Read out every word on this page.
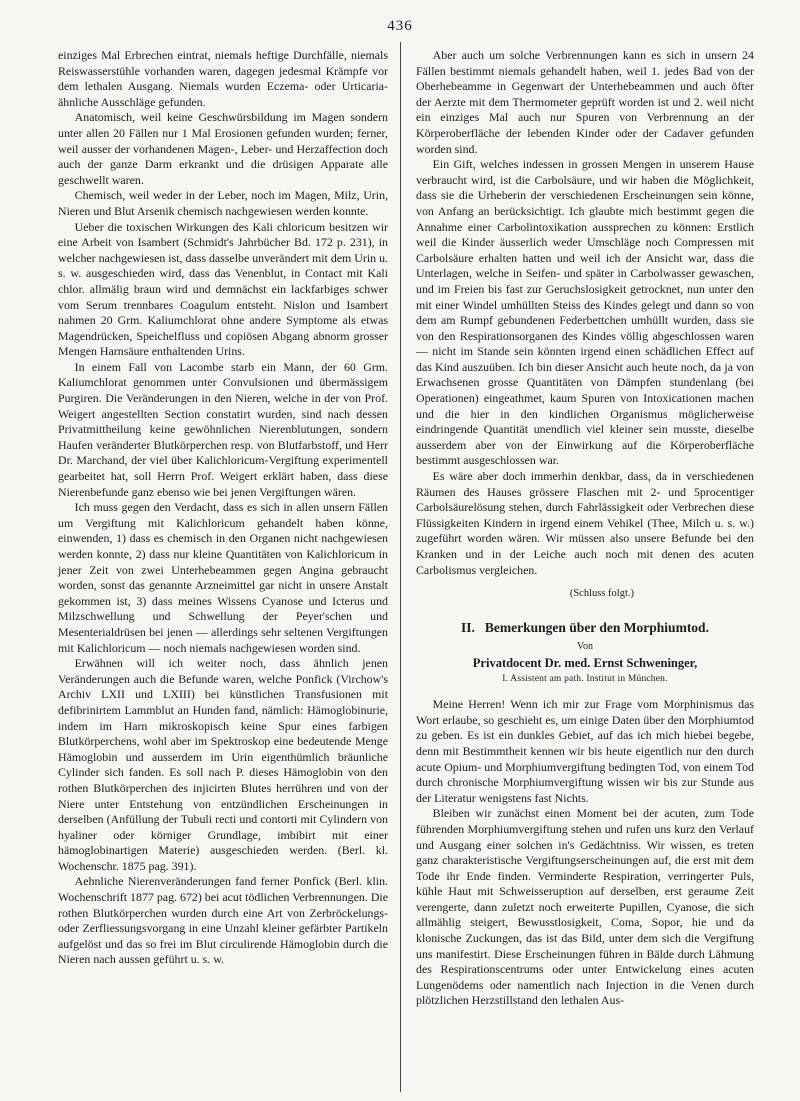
436

einziges Mal Erbrechen eintrat, niemals heftige Durchfälle, niemals Reiswasserstühle vorhanden waren, dagegen jedesmal Krämpfe vor dem lethalen Ausgang. Niemals wurden Eczema- oder Urticaria-ähnliche Ausschläge gefunden.

Anatomisch, weil keine Geschwürsbildung im Magen sondern unter allen 20 Fällen nur 1 Mal Erosionen gefunden wurden; ferner, weil ausser der vorhandenen Magen-, Leber- und Herzaffection doch auch der ganze Darm erkrankt und die drüsigen Apparate alle geschwellt waren.

Chemisch, weil weder in der Leber, noch im Magen, Milz, Urin, Nieren und Blut Arsenik chemisch nachgewiesen werden konnte.

Ueber die toxischen Wirkungen des Kali chloricum besitzen wir eine Arbeit von Isambert (Schmidt's Jahrbücher Bd. 172 p. 231), in welcher nachgewiesen ist, dass dasselbe unverändert mit dem Urin u. s. w. ausgeschieden wird, dass das Venenblut, in Contact mit Kali chlor. allmälig braun wird und demnächst ein lackfarbiges schwer vom Serum trennbares Coagulum entsteht. Nislon und Isambert nahmen 20 Grm. Kaliumchlorat ohne andere Symptome als etwas Magendrücken, Speichelfluss und copiösen Abgang abnorm grosser Mengen Harnsäure enthaltenden Urins.

In einem Fall von Lacombe starb ein Mann, der 60 Grm. Kaliumchlorat genommen unter Convulsionen und übermässigem Purgiren. Die Veränderungen in den Nieren, welche in der von Prof. Weigert angestellten Section constatirt wurden, sind nach dessen Privatmittheilung keine gewöhnlichen Nierenblutungen, sondern Haufen veränderter Blutkörperchen resp. von Blutfarbstoff, und Herr Dr. Marchand, der viel über Kalichloricum-Vergiftung experimentell gearbeitet hat, soll Herrn Prof. Weigert erklärt haben, dass diese Nierenbefunde ganz ebenso wie bei jenen Vergiftungen wären.

Ich muss gegen den Verdacht, dass es sich in allen unsern Fällen um Vergiftung mit Kalichloricum gehandelt haben könne, einwenden, 1) dass es chemisch in den Organen nicht nachgewiesen werden konnte, 2) dass nur kleine Quantitäten von Kalichloricum in jener Zeit von zwei Unterhebeammen gegen Angina gebraucht worden, sonst das genannte Arzneimittel gar nicht in unsere Anstalt gekommen ist, 3) dass meines Wissens Cyanose und Icterus und Milzschwellung und Schwellung der Peyer'schen und Mesenterialdrüsen bei jenen — allerdings sehr seltenen Vergiftungen mit Kalichloricum — noch niemals nachgewiesen worden sind.

Erwähnen will ich weiter noch, dass ähnlich jenen Veränderungen auch die Befunde waren, welche Ponfick (Virchow's Archiv LXII und LXIII) bei künstlichen Transfusionen mit defibrinirtem Lammblut an Hunden fand, nämlich: Hämoglobinurie, indem im Harn mikroskopisch keine Spur eines farbigen Blutkörperchens, wohl aber im Spektroskop eine bedeutende Menge Hämoglobin und ausserdem im Urin eigenthümlich bräunliche Cylinder sich fanden. Es soll nach P. dieses Hämoglobin von den rothen Blutkörperchen des injicirten Blutes herrühren und von der Niere unter Entstehung von entzündlichen Erscheinungen in derselben (Anfüllung der Tubuli recti und contorti mit Cylindern von hyaliner oder körniger Grundlage, imbibirt mit einer hämoglobinartigen Materie) ausgeschieden werden. (Berl. kl. Wochenschr. 1875 pag. 391).

Aehnliche Nierenveränderungen fand ferner Ponfick (Berl. klin. Wochenschrift 1877 pag. 672) bei acut tödlichen Verbrennungen. Die rothen Blutkörperchen wurden durch eine Art von Zerbröckelungs- oder Zerfliessungsvorgang in eine Unzahl kleiner gefärbter Partikeln aufgelöst und das so frei im Blut circulirende Hämoglobin durch die Nieren nach aussen geführt u. s. w.

Aber auch um solche Verbrennungen kann es sich in unsern 24 Fällen bestimmt niemals gehandelt haben, weil 1. jedes Bad von der Oberhebeamme in Gegenwart der Unterhebeammen und auch öfter der Aerzte mit dem Thermometer geprüft worden ist und 2. weil nicht ein einziges Mal auch nur Spuren von Verbrennung an der Körperoberfläche der lebenden Kinder oder der Cadaver gefunden worden sind.

Ein Gift, welches indessen in grossen Mengen in unserem Hause verbraucht wird, ist die Carbolsäure, und wir haben die Möglichkeit, dass sie die Urheberin der verschiedenen Erscheinungen sein könne, von Anfang an berücksichtigt. Ich glaubte mich bestimmt gegen die Annahme einer Carbolintoxikation aussprechen zu können: Erstlich weil die Kinder äusserlich weder Umschläge noch Compressen mit Carbolsäure erhalten hatten und weil ich der Ansicht war, dass die Unterlagen, welche in Seifen- und später in Carbolwasser gewaschen, und im Freien bis fast zur Geruchslosigkeit getrocknet, nun unter den mit einer Windel umhüllten Steiss des Kindes gelegt und dann so von dem am Rumpf gebundenen Federbettchen umhüllt wurden, dass sie von den Respirationsorganen des Kindes völlig abgeschlossen waren — nicht im Stande sein könnten irgend einen schädlichen Effect auf das Kind auszuüben. Ich bin dieser Ansicht auch heute noch, da ja von Erwachsenen grosse Quantitäten von Dämpfen stundenlang (bei Operationen) eingeathmet, kaum Spuren von Intoxicationen machen und die hier in den kindlichen Organismus möglicherweise eindringende Quantität unendlich viel kleiner sein musste, dieselbe ausserdem aber von der Einwirkung auf die Körperoberfläche bestimmt ausgeschlossen war.

Es wäre aber doch immerhin denkbar, dass, da in verschiedenen Räumen des Hauses grössere Flaschen mit 2- und 5procentiger Carbolsäurelösung stehen, durch Fahrlässigkeit oder Verbrechen diese Flüssigkeiten Kindern in irgend einem Vehikel (Thee, Milch u. s. w.) zugeführt worden wären. Wir müssen also unsere Befunde bei den Kranken und in der Leiche auch noch mit denen des acuten Carbolismus vergleichen.

(Schluss folgt.)
II. Bemerkungen über den Morphiumtod.
Von
Privatdocent Dr. med. Ernst Schweninger,
I. Assistent am path. Institut in München.

Meine Herren! Wenn ich mir zur Frage vom Morphinismus das Wort erlaube, so geschieht es, um einige Daten über den Morphiumtod zu geben. Es ist ein dunkles Gebiet, auf das ich mich hiebei begebe, denn mit Bestimmtheit kennen wir bis heute eigentlich nur den durch acute Opium- und Morphiumvergiftung bedingten Tod, von einem Tod durch chronische Morphiumvergiftung wissen wir bis zur Stunde aus der Literatur wenigstens fast Nichts.

Bleiben wir zunächst einen Moment bei der acuten, zum Tode führenden Morphiumvergiftung stehen und rufen uns kurz den Verlauf und Ausgang einer solchen in's Gedächtniss. Wir wissen, es treten ganz charakteristische Vergiftungserscheinungen auf, die erst mit dem Tode ihr Ende finden. Verminderte Respiration, verringerter Puls, kühle Haut mit Schweisseruption auf derselben, erst geraume Zeit verengerte, dann zuletzt noch erweiterte Pupillen, Cyanose, die sich allmählig steigert, Bewusstlosigkeit, Coma, Sopor, hie und da klonische Zuckungen, das ist das Bild, unter dem sich die Vergiftung uns manifestirt. Diese Erscheinungen führen in Bälde durch Lähmung des Respirationscentrums oder unter Entwickelung eines acuten Lungenödems oder namentlich nach Injection in die Venen durch plötzlichen Herzstillstand den lethalen Aus-
